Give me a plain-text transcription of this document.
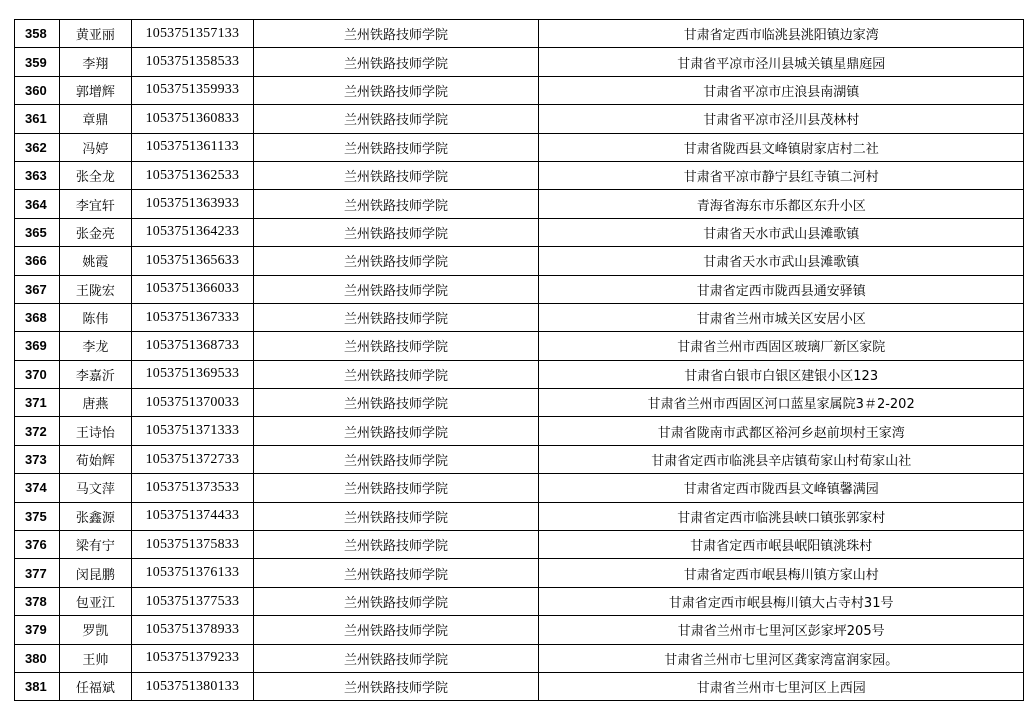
358	黄亚丽	1053751357133	兰州铁路技师学院	甘肃省定西市临洮县洮阳镇边家湾
359	李翔	1053751358533	兰州铁路技师学院	甘肃省平凉市泾川县城关镇星鼎庭园
360	郭增辉	1053751359933	兰州铁路技师学院	甘肃省平凉市庄浪县南湖镇
361	章鼎	1053751360833	兰州铁路技师学院	甘肃省平凉市泾川县茂林村
362	冯婷	1053751361133	兰州铁路技师学院	甘肃省陇西县文峰镇尉家店村二社
363	张全龙	1053751362533	兰州铁路技师学院	甘肃省平凉市静宁县红寺镇二河村
364	李宜轩	1053751363933	兰州铁路技师学院	青海省海东市乐都区东升小区
365	张金亮	1053751364233	兰州铁路技师学院	甘肃省天水市武山县滩歌镇
366	姚霞	1053751365633	兰州铁路技师学院	甘肃省天水市武山县滩歌镇
367	王陇宏	1053751366033	兰州铁路技师学院	甘肃省定西市陇西县通安驿镇
368	陈伟	1053751367333	兰州铁路技师学院	甘肃省兰州市城关区安居小区
369	李龙	1053751368733	兰州铁路技师学院	甘肃省兰州市西固区玻璃厂新区家院
370	李嘉沂	1053751369533	兰州铁路技师学院	甘肃省白银市白银区建银小区123
371	唐燕	1053751370033	兰州铁路技师学院	甘肃省兰州市西固区河口蓝星家属院3＃2-202
372	王诗怡	1053751371333	兰州铁路技师学院	甘肃省陇南市武都区裕河乡赵前坝村王家湾
373	荀始辉	1053751372733	兰州铁路技师学院	甘肃省定西市临洮县辛店镇荀家山村荀家山社
374	马文萍	1053751373533	兰州铁路技师学院	甘肃省定西市陇西县文峰镇馨满园
375	张鑫源	1053751374433	兰州铁路技师学院	甘肃省定西市临洮县峡口镇张郭家村
376	梁有宁	1053751375833	兰州铁路技师学院	甘肃省定西市岷县岷阳镇洮珠村
377	闵昆鹏	1053751376133	兰州铁路技师学院	甘肃省定西市岷县梅川镇方家山村
378	包亚江	1053751377533	兰州铁路技师学院	甘肃省定西市岷县梅川镇大占寺村31号
379	罗凯	1053751378933	兰州铁路技师学院	甘肃省兰州市七里河区彭家坪205号
380	王帅	1053751379233	兰州铁路技师学院	甘肃省兰州市七里河区龚家湾富润家园。
381	任福斌	1053751380133	兰州铁路技师学院	甘肃省兰州市七里河区上西园
